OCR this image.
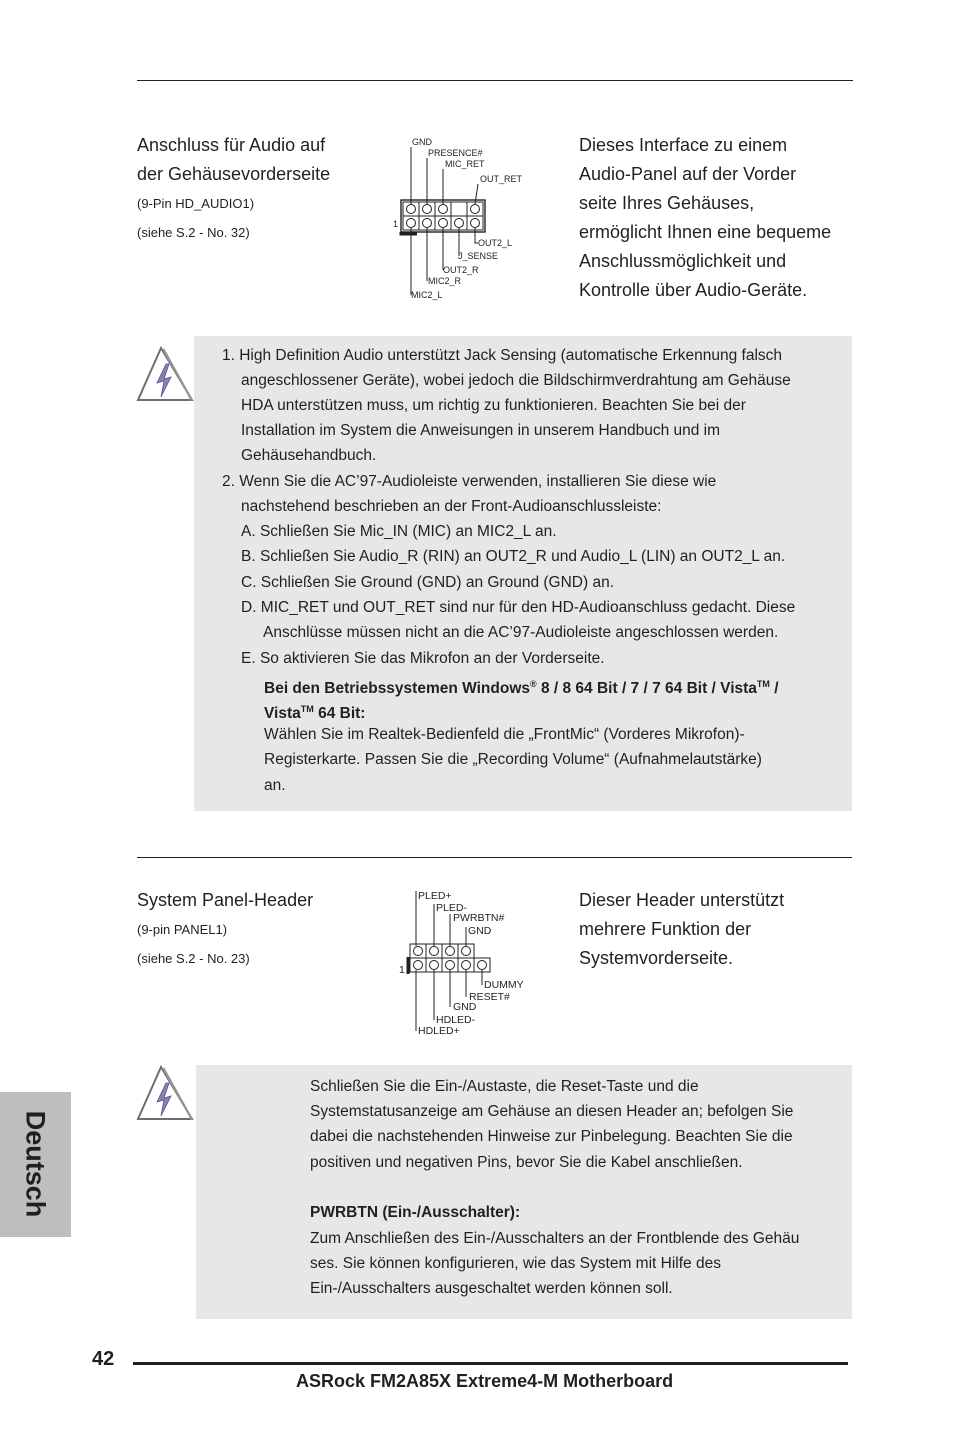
Anschluss für Audio auf
der Gehäusevorderseite
(9-Pin HD_AUDIO1)
(siehe S.2 - No. 32)
GND
PRESENCE#
MIC_RET
OUT_RET
1
OUT2_L
J_SENSE
OUT2_R
MIC2_R
MIC2_L
Dieses Interface zu einem
Audio-Panel auf der Vorder
seite Ihres Gehäuses,
ermöglicht Ihnen eine bequeme
Anschlussmöglichkeit und
Kontrolle über Audio-Geräte.
1. High Definition Audio unterstützt Jack Sensing (automatische Erkennung falsch
angeschlossener Geräte), wobei jedoch die Bildschirmverdrahtung am Gehäuse
HDA unterstützen muss, um richtig zu funktionieren. Beachten Sie bei der
Installation im System die Anweisungen in unserem Handbuch und im
Gehäusehandbuch.
2. Wenn Sie die AC’97-Audioleiste verwenden, installieren Sie diese wie
nachstehend beschrieben an der Front-Audioanschlussleiste:
A. Schließen Sie Mic_IN (MIC) an MIC2_L an.
B. Schließen Sie Audio_R (RIN) an OUT2_R und Audio_L (LIN) an OUT2_L an.
C. Schließen Sie Ground (GND) an Ground (GND) an.
D. MIC_RET und OUT_RET sind nur für den HD-Audioanschluss gedacht. Diese
Anschlüsse müssen nicht an die AC’97-Audioleiste angeschlossen werden.
E. So aktivieren Sie das Mikrofon an der Vorderseite.
Bei den Betriebssystemen Windows® 8 / 8 64 Bit / 7 / 7 64 Bit / Vista™ /
Vista™ 64 Bit:
Wählen Sie im Realtek-Bedienfeld die „FrontMic“ (Vorderes Mikrofon)-
Registerkarte. Passen Sie die „Recording Volume“ (Aufnahmelautstärke)
an.
System Panel-Header
(9-pin PANEL1)
(siehe S.2 - No. 23)
PLED+
PLED-
PWRBTN#
GND
1
DUMMY
RESET#
GND
HDLED-
HDLED+
Dieser Header unterstützt
mehrere Funktion der
Systemvorderseite.
Schließen Sie die Ein-/Austaste, die Reset-Taste und die
Systemstatusanzeige am Gehäuse an diesen Header an; befolgen Sie
dabei die nachstehenden Hinweise zur Pinbelegung. Beachten Sie die
positiven und negativen Pins, bevor Sie die Kabel anschließen.
PWRBTN (Ein-/Ausschalter):
Zum Anschließen des Ein-/Ausschalters an der Frontblende des Gehäu
ses. Sie können konfigurieren, wie das System mit Hilfe des
Ein-/Ausschalters ausgeschaltet werden können soll.
Deutsch
42
ASRock FM2A85X Extreme4-M Motherboard
